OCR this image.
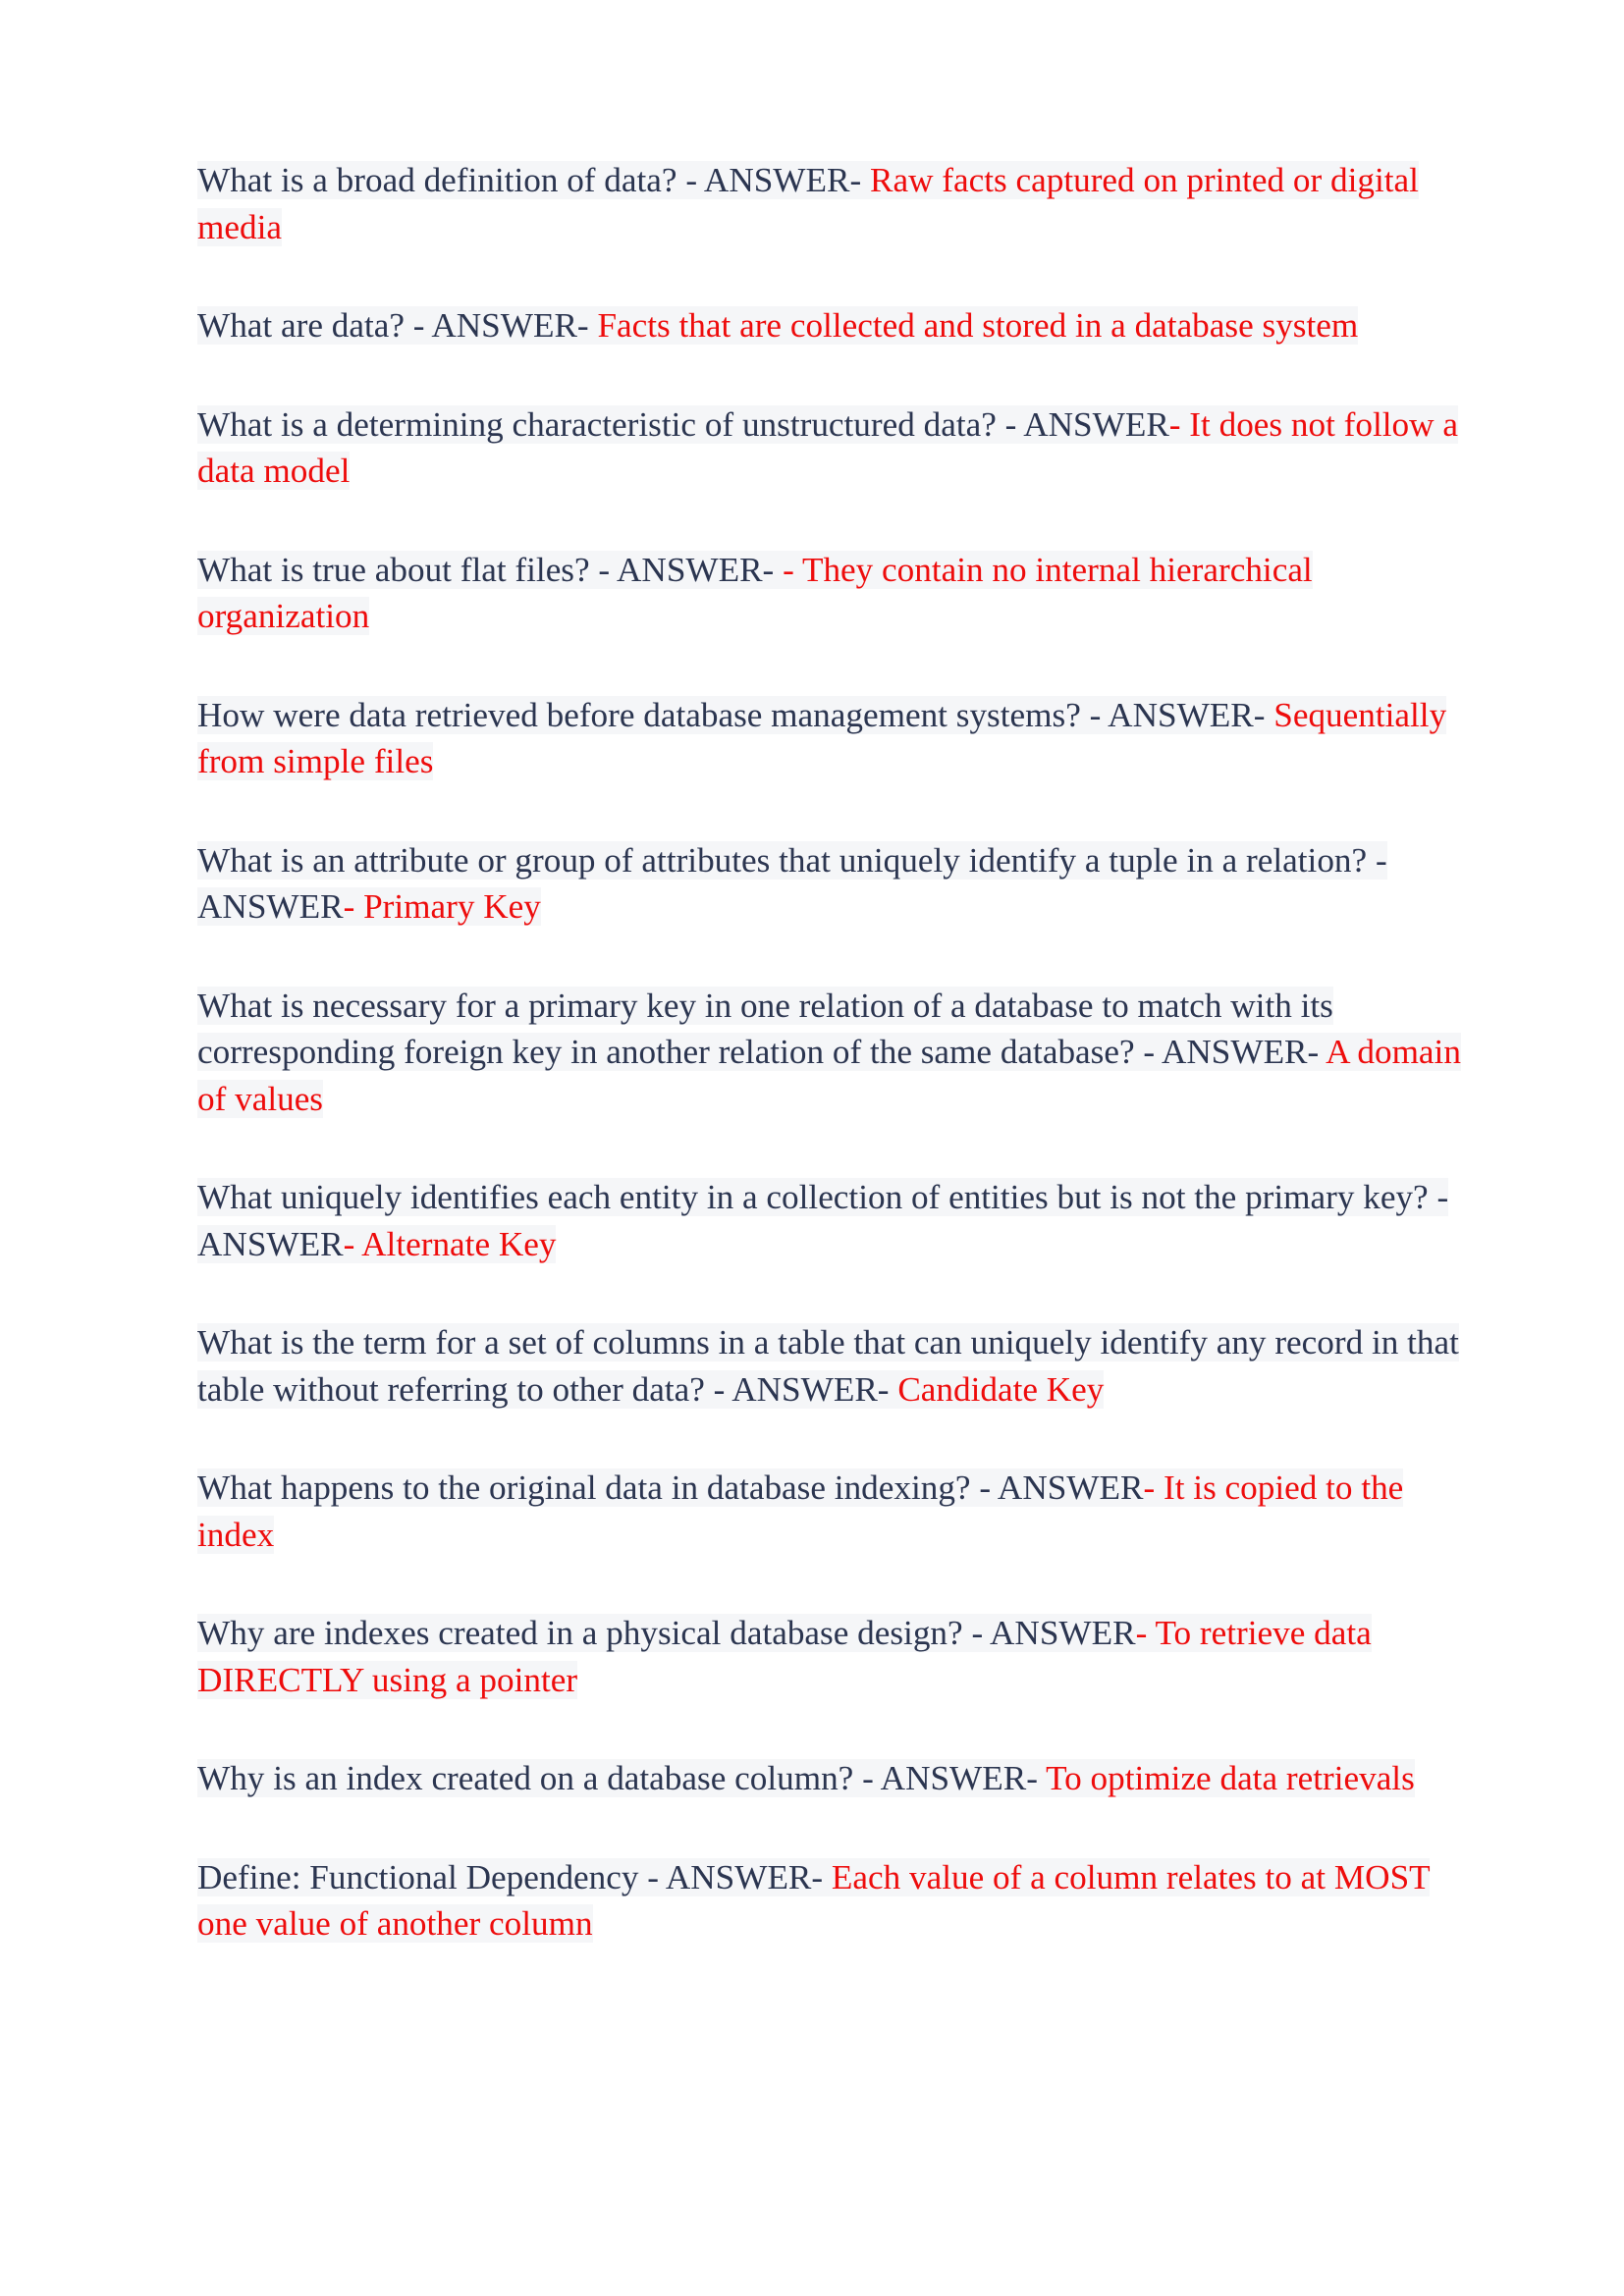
What is a broad definition of data? - ANSWER- Raw facts captured on printed or digital media
What are data? - ANSWER- Facts that are collected and stored in a database system
What is a determining characteristic of unstructured data? - ANSWER- It does not follow a data model
What is true about flat files? - ANSWER- - They contain no internal hierarchical organization
How were data retrieved before database management systems? - ANSWER- Sequentially from simple files
What is an attribute or group of attributes that uniquely identify a tuple in a relation? - ANSWER- Primary Key
What is necessary for a primary key in one relation of a database to match with its corresponding foreign key in another relation of the same database? - ANSWER- A domain of values
What uniquely identifies each entity in a collection of entities but is not the primary key? - ANSWER- Alternate Key
What is the term for a set of columns in a table that can uniquely identify any record in that table without referring to other data? - ANSWER- Candidate Key
What happens to the original data in database indexing? - ANSWER- It is copied to the index
Why are indexes created in a physical database design? - ANSWER- To retrieve data DIRECTLY using a pointer
Why is an index created on a database column? - ANSWER- To optimize data retrievals
Define: Functional Dependency - ANSWER- Each value of a column relates to at MOST one value of another column
